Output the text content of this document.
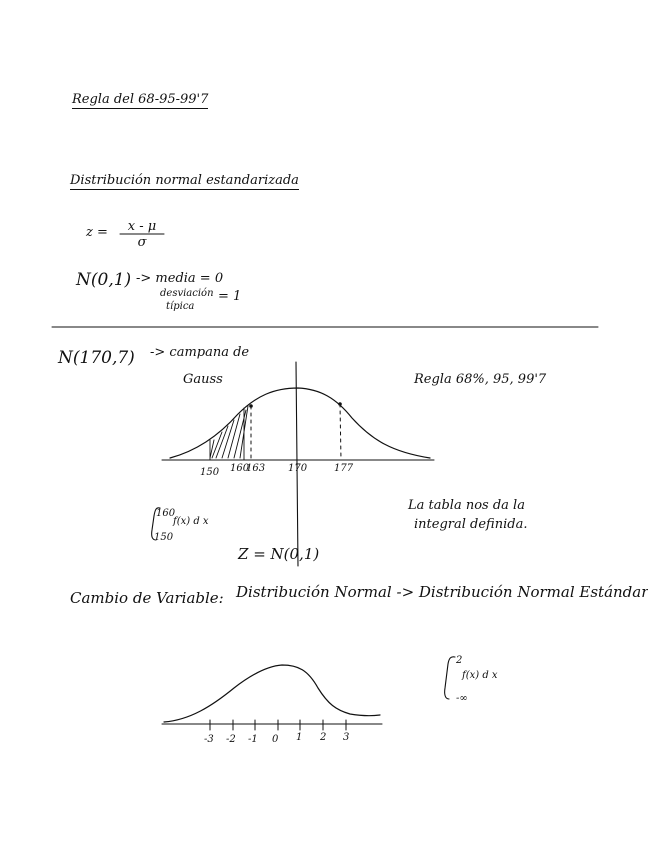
Regla del 68-95-99'7
Distribución normal estandarizada
z =	x - μ
σ
N(0,1) -> media = 0
desviación = 1
típica
N(170,7) -> campana de
Gauss	Regla 68%, 95, 99'7
150 160
163 170	177
160
150
f(x) d x
La tabla nos da la
integral definida.
Z = N(0,1)
Cambio de Variable: Distribución Normal -> Distribución Normal Estándar
-3 -2 -1 0 1 2 3
2
-∞
f(x) d x
